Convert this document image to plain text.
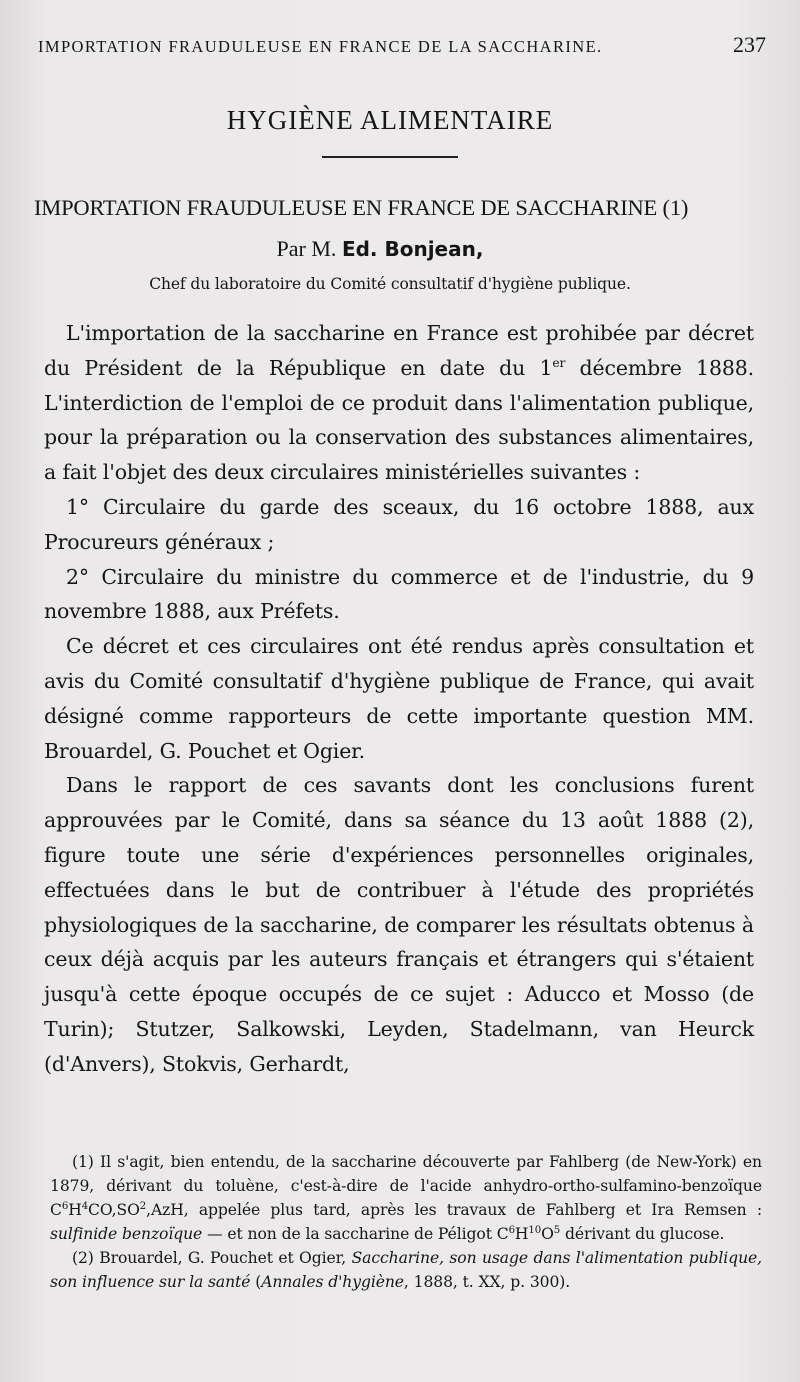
IMPORTATION FRAUDULEUSE EN FRANCE DE LA SACCHARINE.	237
HYGIÈNE ALIMENTAIRE
IMPORTATION FRAUDULEUSE EN FRANCE DE SACCHARINE (1)
Par M. Ed. Bonjean,
Chef du laboratoire du Comité consultatif d'hygiène publique.

L'importation de la saccharine en France est prohibée par décret du Président de la République en date du 1er décembre 1888. L'interdiction de l'emploi de ce produit dans l'alimentation publique, pour la préparation ou la conservation des substances alimentaires, a fait l'objet des deux circulaires ministérielles suivantes :

1° Circulaire du garde des sceaux, du 16 octobre 1888, aux Procureurs généraux ;

2° Circulaire du ministre du commerce et de l'industrie, du 9 novembre 1888, aux Préfets.

Ce décret et ces circulaires ont été rendus après consultation et avis du Comité consultatif d'hygiène publique de France, qui avait désigné comme rapporteurs de cette importante question MM. Brouardel, G. Pouchet et Ogier.

Dans le rapport de ces savants dont les conclusions furent approuvées par le Comité, dans sa séance du 13 août 1888 (2), figure toute une série d'expériences personnelles originales, effectuées dans le but de contribuer à l'étude des propriétés physiologiques de la saccharine, de comparer les résultats obtenus à ceux déjà acquis par les auteurs français et étrangers qui s'étaient jusqu'à cette époque occupés de ce sujet : Aducco et Mosso (de Turin); Stutzer, Salkowski, Leyden, Stadelmann, van Heurck (d'Anvers), Stokvis, Gerhardt,

(1) Il s'agit, bien entendu, de la saccharine découverte par Fahlberg (de New-York) en 1879, dérivant du toluène, c'est-à-dire de l'acide anhydro-ortho-sulfamino-benzoïque $C^6H^4CO,SO^2,AzH$, appelée plus tard, après les travaux de Fahlberg et Ira Remsen : sulfinide benzoïque — et non de la saccharine de Péligot $C^6H^{10}O^5$ dérivant du glucose.

(2) Brouardel, G. Pouchet et Ogier, Saccharine, son usage dans l'alimentation publique, son influence sur la santé (Annales d'hygiène, 1888, t. XX, p. 300).
